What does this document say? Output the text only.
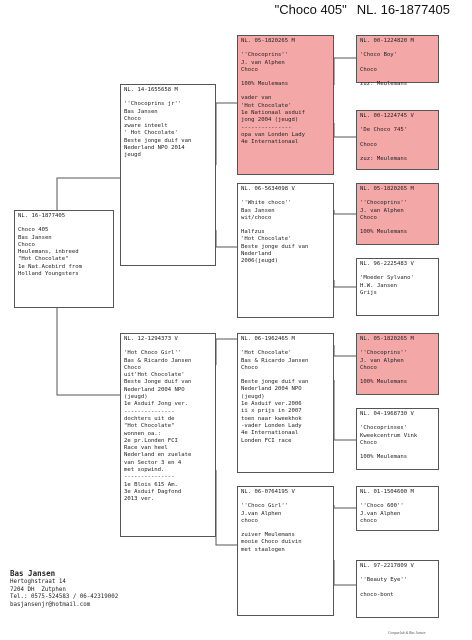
"Choco 405" NL. 16-1877405
NL. 16-1877405
Choco 405
Bas Jansen
Choco
Heulemans, inbreed
"Hot Chocolate"
1e Nat.Acebird from
Holland Youngsters
NL. 14-1655658 M
''Chocoprins jr''
Bas Jansen
Choco
zware inteelt
' Hot Chocolate'
Beste jonge duif van
Nederland NPO 2014
jeugd
NL. 12-1294373 V
'Hot Choco Girl''
Bas & Ricardo Jansen
Choco
uit'Hot Chocolate'
Beste Jonge duif van
Nederland 2004 NPO
(jeugd)
1e Asduif Jong ver.
---------------
dochters uit de
"Hot Chocolate"
wonnen oa.:
2e pr.Londen FCI
Race van heel
Nederland en zuelate
van Sector 3 en 4
met sopwind.
---------------
1e Blois 615 Am.
3e Asduif Dagfond
2013 ver.
NL. 05-1820265 M
''Chocoprins''
J. van Alphen
Choco
100% Meulemans
vader van
'Hot Chocolate'
1e Nationaal asduif
jong 2004 (jeugd)
---------------
opa van Londen Lady
4e Internationaal
NL. 06-5634098 V
''White choco''
Bas Jansen
wit/choco
Halfzus
'Hot Chocolate'
Beste jonge duif van
Nederland
2006(jeugd)
NL. 06-1962465 M
'Hot Chocolate'
Bas & Ricardo Jansen
Choco
Beste jonge duif van
Nederland 2004 NPO
(jeugd)
1e Asduif ver.2006
ii x prijs in 2007
toen naar kweekhok
-vader Londen Lady
4e Internationaal
Londen FCI race
NL. 06-0764195 V
''Choco Girl''
J.van Alphen
choco
zuiver Meulemans
mooie Choco duivin
met staalogen
NL. 00-1224820 M
'Choco Boy'
Choco
zuz: Meulemans
NL. 00-1224745 V
'De Choco 745'
Choco
zuz: Meulemans
NL. 05-1820265 M
''Chocoprins''
J. van Alphen
Choco
100% Meulemans
NL. 96-2225483 V
'Moeder Sylvano'
H.W. Jansen
Grijs
NL. 05-1820265 M
''Chocoprins''
J. van Alphen
Choco
100% Meulemans
NL. 04-1968730 V
'Chocoprinses'
Kweekcentrum Vink
Choco
100% Meulemans
NL. 01-1504600 M
''Choco 600''
J.van Alphen
choco
NL. 97-2217809 V
''Beauty Eye''
choco-bont
Bas Jansen
Hertoghstraat 14
7204 DH  Zutphen
Tel.: 0575-524583 / 06-42319002
basjansenjr@hotmail.com
Compuclub & Bas Jansen
